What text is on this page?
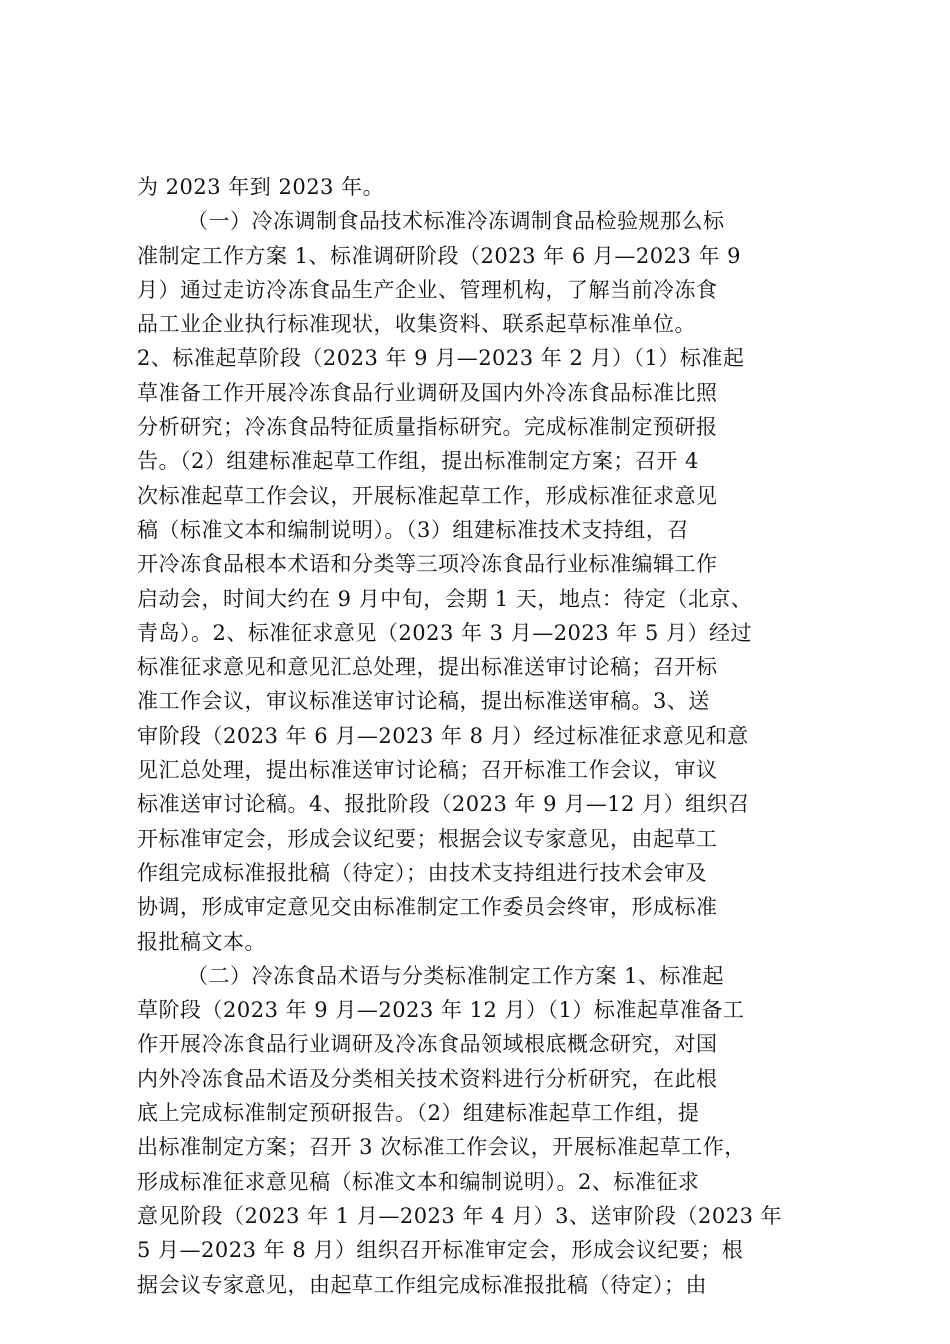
为 2023 年到 2023 年。
（一）冷冻调制食品技术标准冷冻调制食品检验规那么标
准制定工作方案 1、标准调研阶段（2023 年 6 月—2023 年 9
月）通过走访冷冻食品生产企业、管理机构，了解当前冷冻食
品工业企业执行标准现状，收集资料、联系起草标准单位。
2、标准起草阶段（2023 年 9 月—2023 年 2 月）（1）标准起
草准备工作开展冷冻食品行业调研及国内外冷冻食品标准比照
分析研究；冷冻食品特征质量指标研究。完成标准制定预研报
告。（2）组建标准起草工作组，提出标准制定方案；召开 4
次标准起草工作会议，开展标准起草工作，形成标准征求意见
稿（标准文本和编制说明）。（3）组建标准技术支持组，召
开冷冻食品根本术语和分类等三项冷冻食品行业标准编辑工作
启动会，时间大约在 9 月中旬，会期 1 天，地点：待定（北京、
青岛）。2、标准征求意见（2023 年 3 月—2023 年 5 月）经过
标准征求意见和意见汇总处理，提出标准送审讨论稿；召开标
准工作会议，审议标准送审讨论稿，提出标准送审稿。3、送
审阶段（2023 年 6 月—2023 年 8 月）经过标准征求意见和意
见汇总处理，提出标准送审讨论稿；召开标准工作会议，审议
标准送审讨论稿。4、报批阶段（2023 年 9 月—12 月）组织召
开标准审定会，形成会议纪要；根据会议专家意见，由起草工
作组完成标准报批稿（待定）；由技术支持组进行技术会审及
协调，形成审定意见交由标准制定工作委员会终审，形成标准
报批稿文本。
（二）冷冻食品术语与分类标准制定工作方案 1、标准起
草阶段（2023 年 9 月—2023 年 12 月）（1）标准起草准备工
作开展冷冻食品行业调研及冷冻食品领域根底概念研究，对国
内外冷冻食品术语及分类相关技术资料进行分析研究，在此根
底上完成标准制定预研报告。（2）组建标准起草工作组，提
出标准制定方案；召开 3 次标准工作会议，开展标准起草工作，
形成标准征求意见稿（标准文本和编制说明）。2、标准征求
意见阶段（2023 年 1 月—2023 年 4 月）3、送审阶段（2023 年
5 月—2023 年 8 月）组织召开标准审定会，形成会议纪要；根
据会议专家意见，由起草工作组完成标准报批稿（待定）；由
